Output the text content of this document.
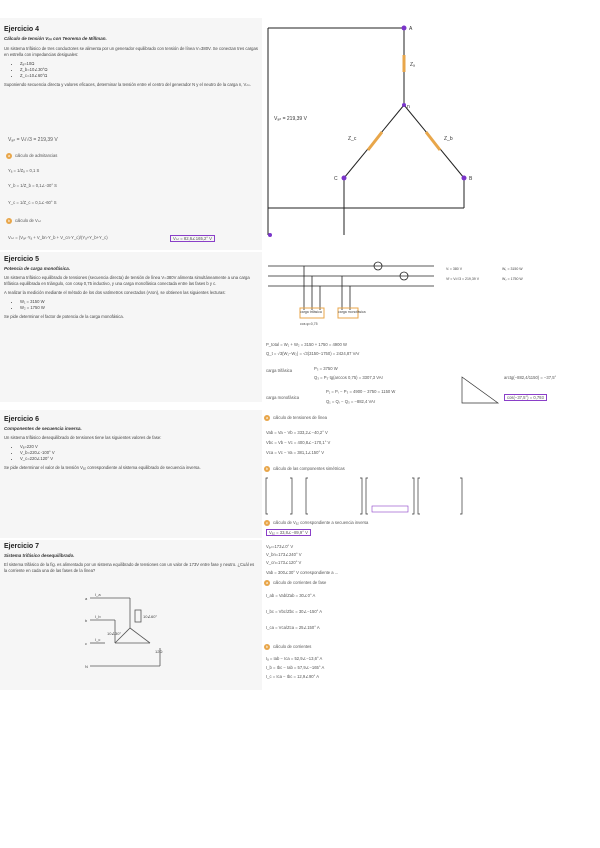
Ejercicio 4
Cálculo de tensión Vₙₙ con Teorema de Millman.
Un sistema trifásico de tres conductores se alimenta por un generador equilibrado con tensión de línea V=380V. Se conectan tres cargas en estrella con impedancias desiguales:
• Zₐ=10Ω
• Z_b=10∠30°Ω
• Z_c=10∠60°Ω
Suponiendo secuencia directa y valores eficaces, determinar la tensión entre el centro del generador N y el neutro de la carga n, Vₙₙ.
Vₐₙ = Vₗ/√3 = 219,39 V
a cálculo de admitancias
Yₐ = 1/Zₐ = 0,1 S
Y_b = 1/Z_b = 0,1∠-30° S
Y_c = 1/Z_c = 0,1∠-60° S
b cálculo de Vₙₙ
Vₙₙ = (Vₐₙ·Yₐ + V_bn·Y_b + V_cn·Y_c)/(Yₐ+Y_b+Y_c)	Vₙₙ = 82,6∠165,2° V
Ejercicio 5
Potencia de carga monofásica.
Un sistema trifásico equilibrado de tensiones (secuencia directa) de tensión de línea V=380V alimenta simultáneamente a una carga trifásica equilibrada en triángulo, con cosφ 0,75 inductivo, y una carga monofásica conectada entre las fases b y c.
A realizar la medición mediante el método de los dos vatímetros conectados (Aron), se obtienen las siguientes lecturas:
• W₁ = 3150 W
• W₂ = 1750 W
Se pide determinar el factor de potencia de la carga monofásica.
Ejercicio 6
Componentes de secuencia inversa.
Un sistema trifásico desequilibrado de tensiones tiene las siguientes valores de fase:
• Vₐ=220 V
• V_b=220∠-100° V
• V_c=220∠120° V
Se pide determinar el valor de la tensión Vₐ₂ correspondiente al sistema equilibrado de secuencia inversa.
Ejercicio 7
Sistema trifásico desequilibrado.
El sistema trifásico de la fig. es alimentado por un sistema equilibrado de tensiones con un valor de 173V entre fase y neutro. ¿Cuál es la corriente en cada una de las fases de la línea?
I_a
I_b
I_c
a
b
c
N
10∠30°
10∠60°
12Ω
A
n
C	B
Vₐₙ = 219,39 V
Zₐ
Z_c	Z_b
carga trifásica	carga monofásica
cos φ=0,75
Vₗ = 380 V
Vf = Vₗ/√3 = 219,39 V
W₁ = 3150 W
W₂ = 1750 W
P_total = W₁ + W₂ = 3150 + 1750 = 4900 W
Q_t = √3(W₁−W₂) = √3(3150−1750) = 2424,87 VAr
carga trifásica	P₃ = 3750 W
Q₃ = P₃·tg(arccos 0,75) = 3307,3 VAr
carga monofásica
P₁ = Pₜ − P₃ = 4900 − 3750 = 1150 W
Q₁ = Qₜ − Q₃ = −882,4 VAr
arctg(−882,4/1150) = −37,5°
cos(−37,5°) = 0,793
a cálculo de tensiones de línea
Vab = Va − Vb = 333,2∠−40,2° V
Vbc = Vb − Vc = 400,8∠−170,1° V
Vca = Vc − Va = 381,1∠150° V
b cálculo de las componentes simétricas
c cálculo de Vₐ₂ correspondiente a secuencia inversa
Vₐ₂ = 33,8∠−89,9° V
Vₐₙ=173∠0° V
V_bn=173∠240° V
V_cn=173∠120° V
Vab = 300∠30° V correspondiente a ...
a cálculo de corrientes de fase
I_ab = Vab/Zab = 30∠0° A
I_bc = Vbc/Zbc = 30∠−150° A
I_ca = Vca/Zca = 25∠150° A
b cálculo de corrientes
Iₐ = Iab − Ica = 52,9∠−13,6° A
I_b = Ibc − Iab = 57,9∠−165° A
I_c = Ica − Ibc = 12,9∠90° A
